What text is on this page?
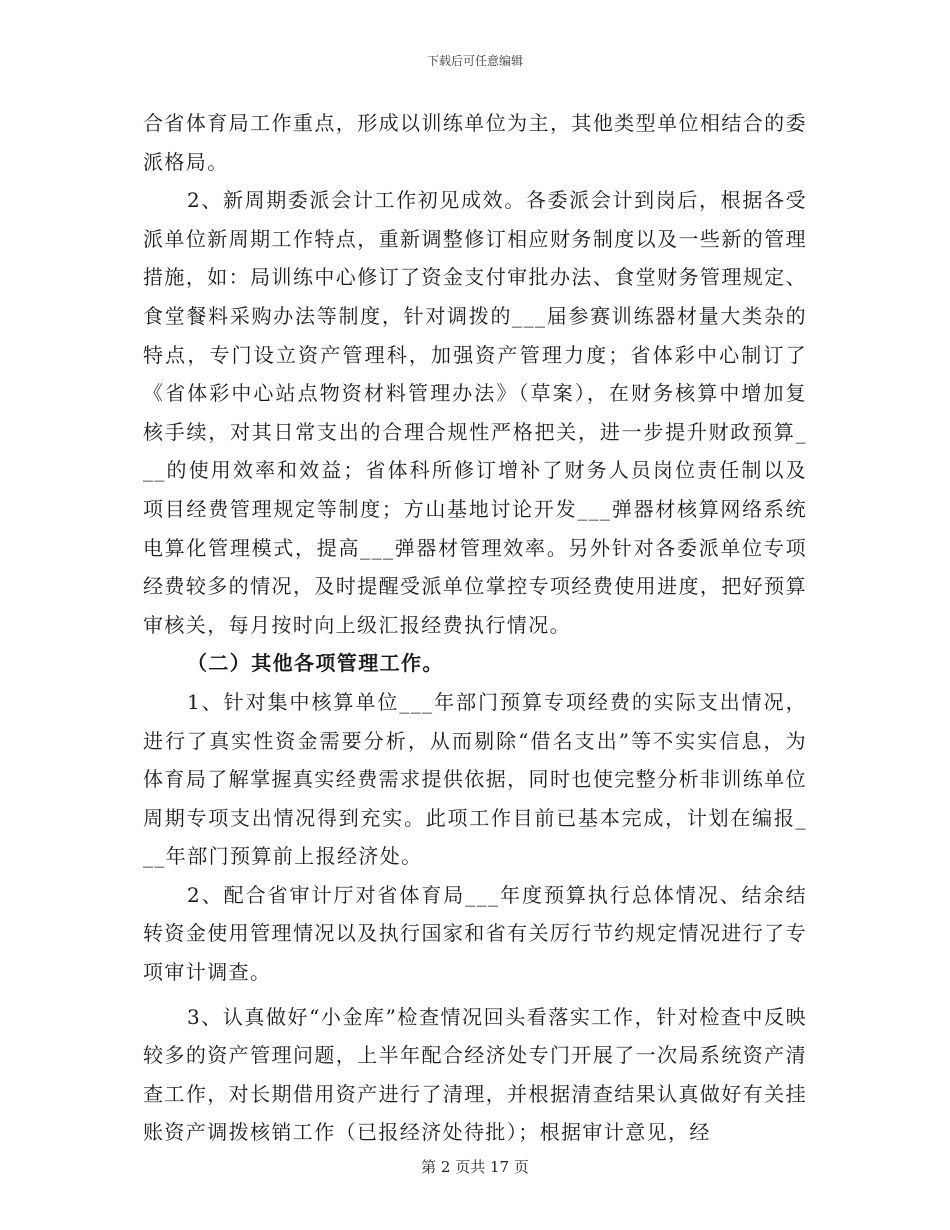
下载后可任意编辑

合省体育局工作重点，形成以训练单位为主，其他类型单位相结合的委派格局。

2、新周期委派会计工作初见成效。各委派会计到岗后，根据各受派单位新周期工作特点，重新调整修订相应财务制度以及一些新的管理措施，如：局训练中心修订了资金支付审批办法、食堂财务管理规定、食堂餐料采购办法等制度，针对调拨的___届参赛训练器材量大类杂的特点，专门设立资产管理科，加强资产管理力度；省体彩中心制订了《省体彩中心站点物资材料管理办法》（草案），在财务核算中增加复核手续，对其日常支出的合理合规性严格把关，进一步提升财政预算___的使用效率和效益；省体科所修订增补了财务人员岗位责任制以及项目经费管理规定等制度；方山基地讨论开发___弹器材核算网络系统电算化管理模式，提高___弹器材管理效率。另外针对各委派单位专项经费较多的情况，及时提醒受派单位掌控专项经费使用进度，把好预算审核关，每月按时向上级汇报经费执行情况。

（二）其他各项管理工作。

1、针对集中核算单位___年部门预算专项经费的实际支出情况，进行了真实性资金需要分析，从而剔除“借名支出”等不实实信息，为体育局了解掌握真实经费需求提供依据，同时也使完整分析非训练单位周期专项支出情况得到充实。此项工作目前已基本完成，计划在编报___年部门预算前上报经济处。

2、配合省审计厅对省体育局___年度预算执行总体情况、结余结转资金使用管理情况以及执行国家和省有关厉行节约规定情况进行了专项审计调查。

3、认真做好“小金库”检查情况回头看落实工作，针对检查中反映较多的资产管理问题，上半年配合经济处专门开展了一次局系统资产清查工作，对长期借用资产进行了清理，并根据清查结果认真做好有关挂账资产调拨核销工作（已报经济处待批）；根据审计意见，经

第 2 页共 17 页
